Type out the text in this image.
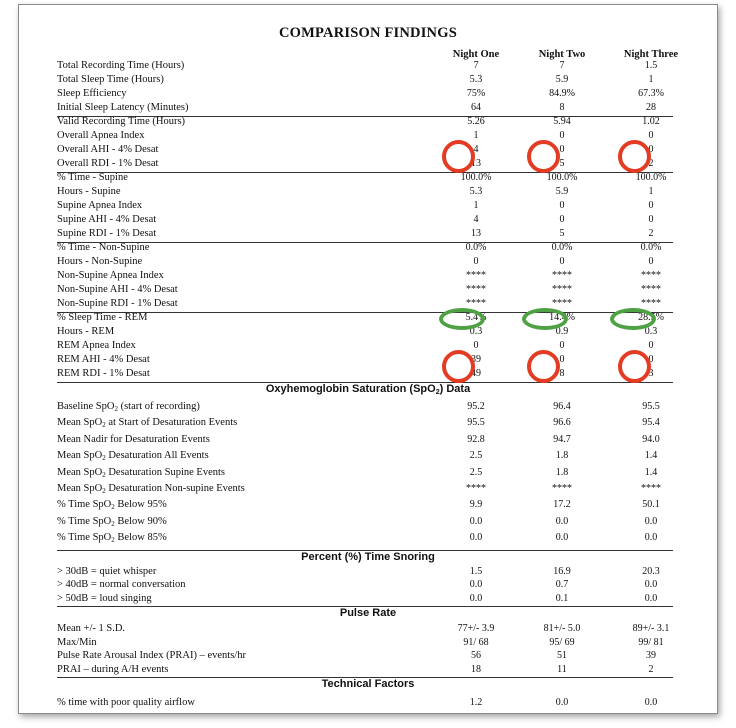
COMPARISON FINDINGS
Night One	Night Two	Night Three
Total Recording Time (Hours)	7	7	1.5
Total Sleep Time (Hours)	5.3	5.9	1
Sleep Efficiency	75%	84.9%	67.3%
Initial Sleep Latency (Minutes)	64	8	28
Valid Recording Time (Hours)	5.26	5.94	1.02
Overall Apnea Index	1	0	0
Overall AHI - 4% Desat	4	0	0
Overall RDI - 1% Desat	13	5	2
% Time - Supine	100.0%	100.0%	100.0%
Hours - Supine	5.3	5.9	1
Supine Apnea Index	1	0	0
Supine AHI - 4% Desat	4	0	0
Supine RDI - 1% Desat	13	5	2
% Time - Non-Supine	0.0%	0.0%	0.0%
Hours - Non-Supine	0	0	0
Non-Supine Apnea Index	****	****	****
Non-Supine AHI - 4% Desat	****	****	****
Non-Supine RDI - 1% Desat	****	****	****
% Sleep Time - REM	5.4%	14.4%	28.5%
Hours - REM	0.3	0.9	0.3
REM Apnea Index	0	0	0
REM AHI - 4% Desat	39	0	0
REM RDI - 1% Desat	49	8	3
Oxyhemoglobin Saturation (SpO$_2$) Data
Baseline SpO$_2$ (start of recording)	95.2	96.4	95.5
Mean SpO$_2$ at Start of Desaturation Events	95.5	96.6	95.4
Mean Nadir for Desaturation Events	92.8	94.7	94.0
Mean SpO$_2$ Desaturation All Events	2.5	1.8	1.4
Mean SpO$_2$ Desaturation Supine Events	2.5	1.8	1.4
Mean SpO$_2$ Desaturation Non-supine Events	****	****	****
% Time SpO$_2$ Below 95%	9.9	17.2	50.1
% Time SpO$_2$ Below 90%	0.0	0.0	0.0
% Time SpO$_2$ Below 85%	0.0	0.0	0.0
Percent (%) Time Snoring
> 30dB = quiet whisper	1.5	16.9	20.3
> 40dB = normal conversation	0.0	0.7	0.0
> 50dB = loud singing	0.0	0.1	0.0
Pulse Rate
Mean +/- 1 S.D.	77+/- 3.9	81+/- 5.0	89+/- 3.1
Max/Min	91/ 68	95/ 69	99/ 81
Pulse Rate Arousal Index (PRAI) – events/hr	56	51	39
PRAI – during A/H events	18	11	2
Technical Factors
% time with poor quality airflow	1.2	0.0	0.0
